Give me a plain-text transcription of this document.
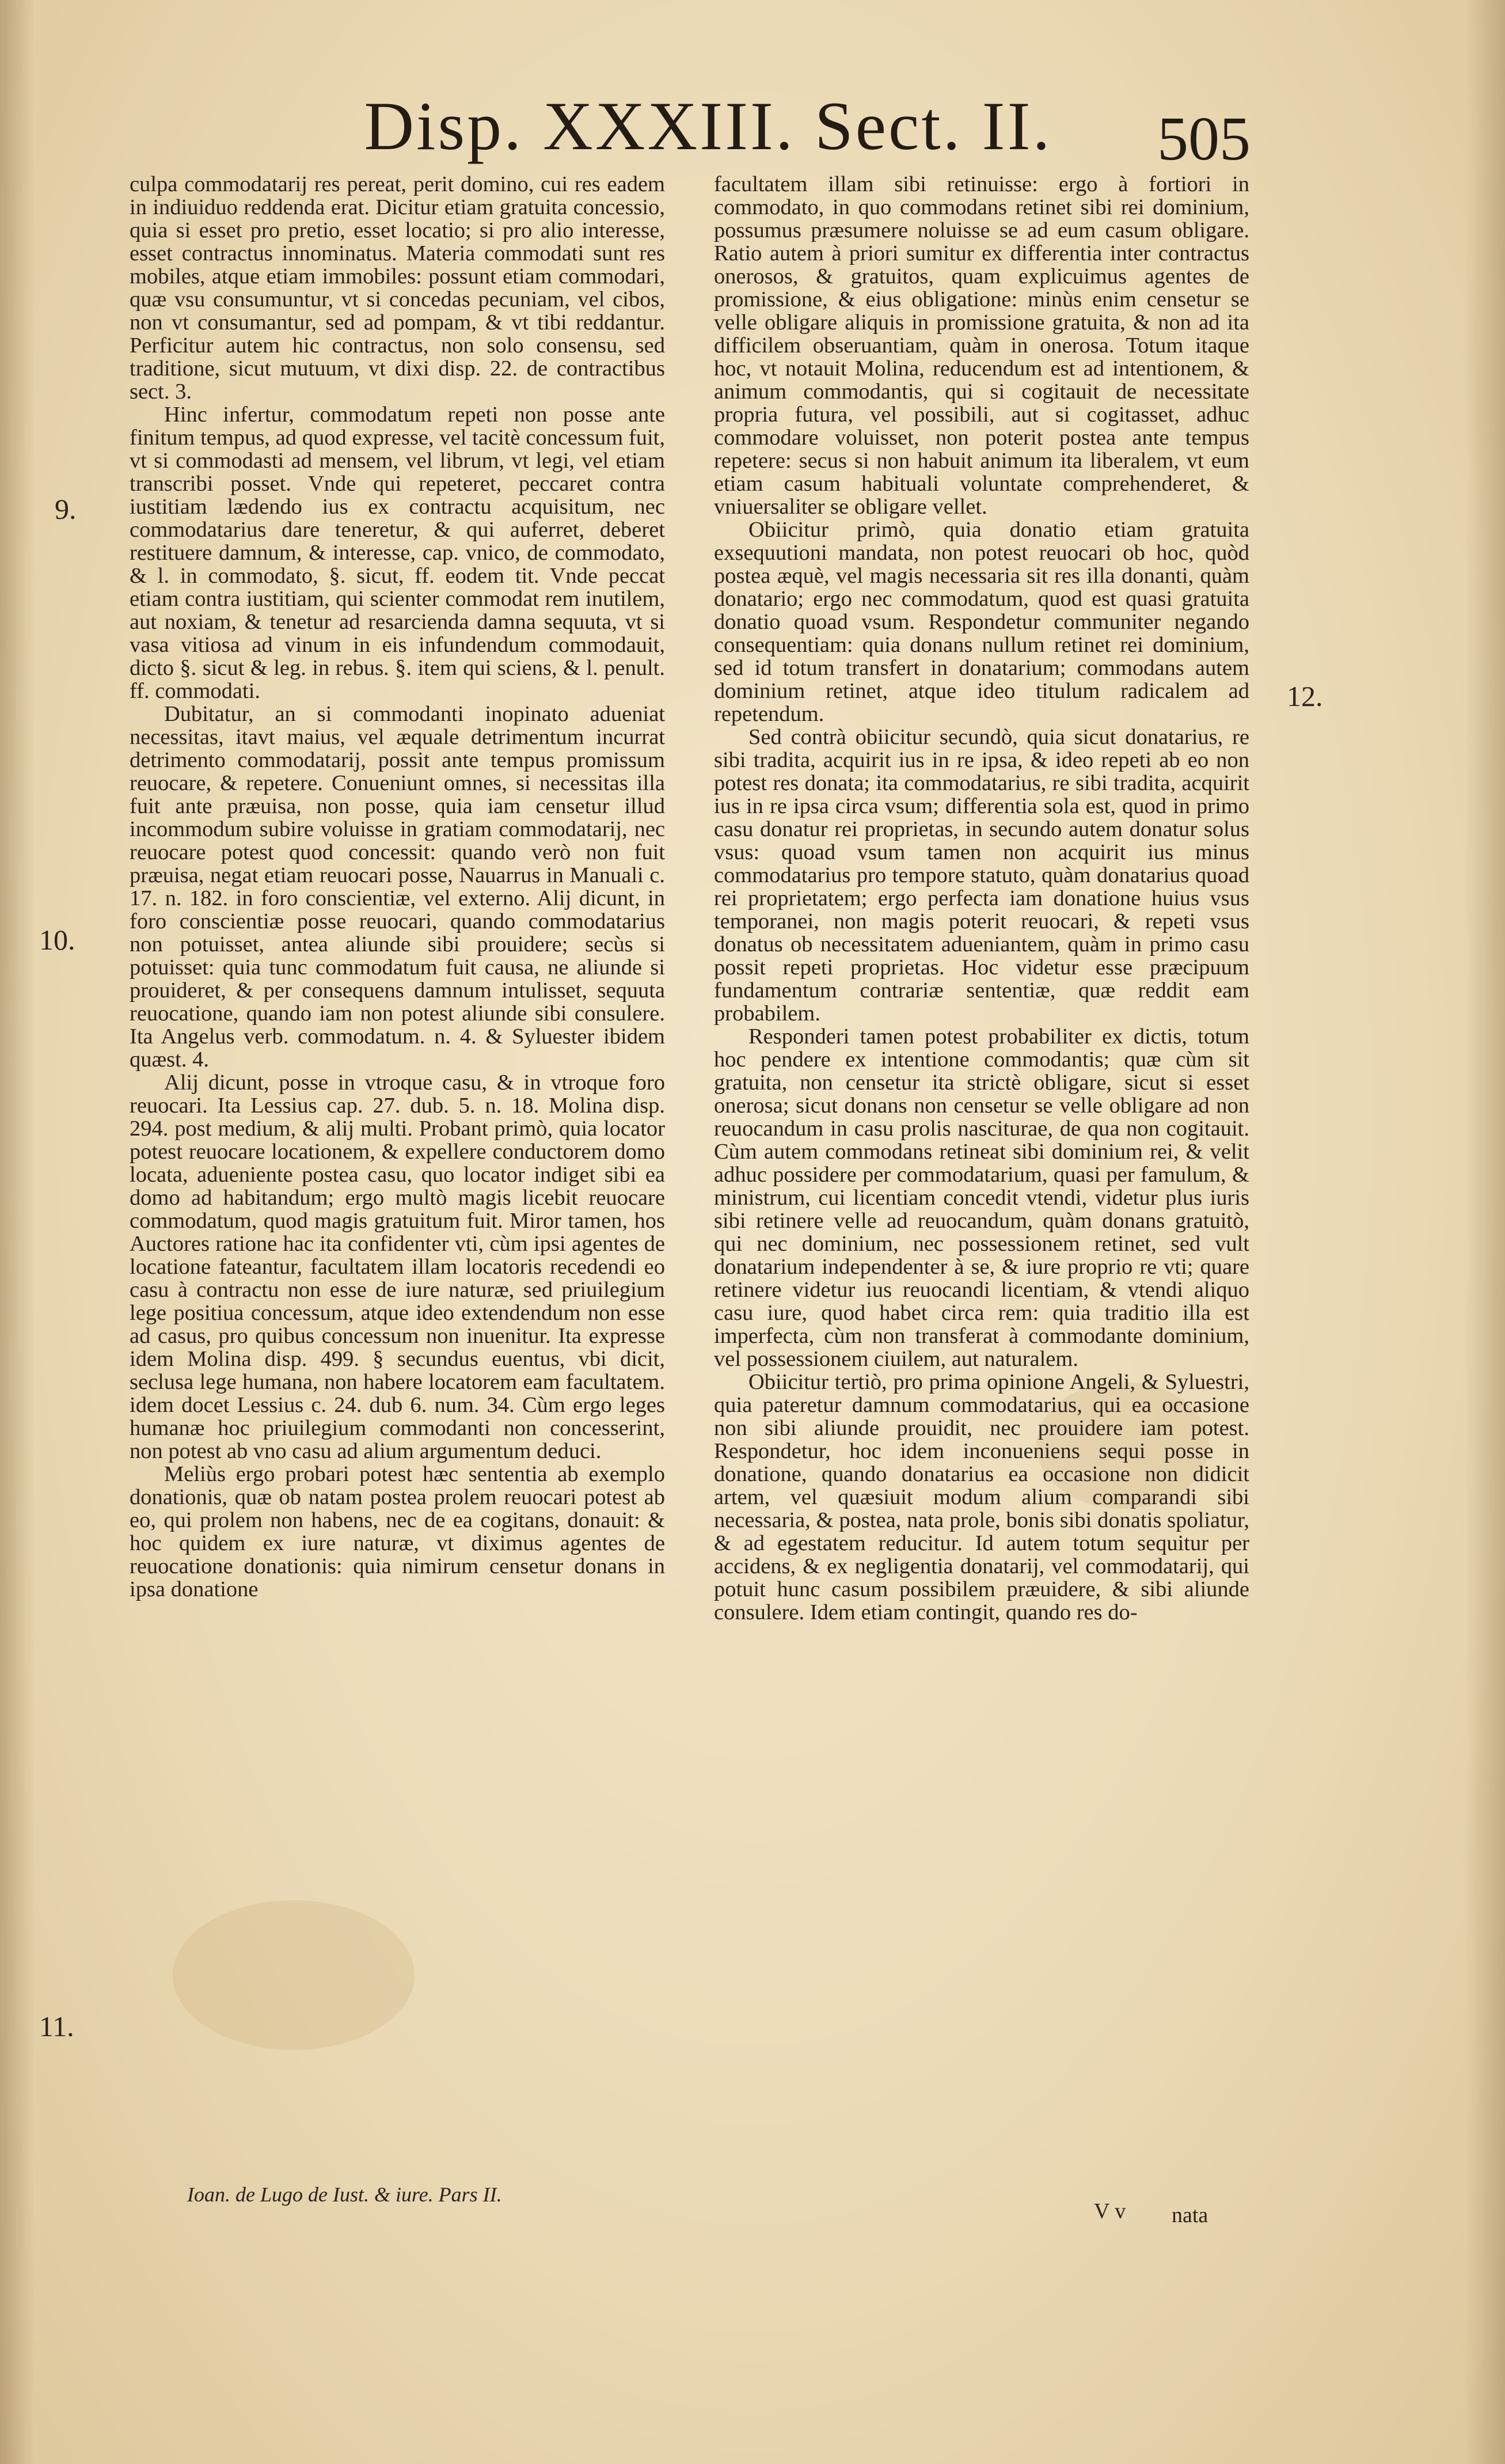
Disp. XXXIII. Sect. II. 505
9.
10.
11.
12.

culpa commodatarij res pereat, perit domino, cui res eadem in indiuiduo reddenda erat. Dicitur etiam gratuita concessio, quia si esset pro pretio, esset locatio; si pro alio interesse, esset contractus innominatus. Materia commodati sunt res mobiles, atque etiam immobiles: possunt etiam commodari, quæ vsu consumuntur, vt si concedas pecuniam, vel cibos, non vt consumantur, sed ad pompam, & vt tibi reddantur. Perficitur autem hic contractus, non solo consensu, sed traditione, sicut mutuum, vt dixi disp. 22. de contractibus sect. 3.

Hinc infertur, commodatum repeti non posse ante finitum tempus, ad quod expresse, vel tacitè concessum fuit, vt si commodasti ad mensem, vel librum, vt legi, vel etiam transcribi posset. Vnde qui repeteret, peccaret contra iustitiam lædendo ius ex contractu acquisitum, nec commodatarius dare teneretur, & qui auferret, deberet restituere damnum, & interesse, cap. vnico, de commodato, & l. in commodato, §. sicut, ff. eodem tit. Vnde peccat etiam contra iustitiam, qui scienter commodat rem inutilem, aut noxiam, & tenetur ad resarcienda damna sequuta, vt si vasa vitiosa ad vinum in eis infundendum commodauit, dicto §. sicut & leg. in rebus. §. item qui sciens, & l. penult. ff. commodati.

Dubitatur, an si commodanti inopinato adueniat necessitas, itavt maius, vel æquale detrimentum incurrat detrimento commodatarij, possit ante tempus promissum reuocare, & repetere. Conueniunt omnes, si necessitas illa fuit ante præuisa, non posse, quia iam censetur illud incommodum subire voluisse in gratiam commodatarij, nec reuocare potest quod concessit: quando verò non fuit præuisa, negat etiam reuocari posse, Nauarrus in Manuali c. 17. n. 182. in foro conscientiæ, vel externo. Alij dicunt, in foro conscientiæ posse reuocari, quando commodatarius non potuisset, antea aliunde sibi prouidere; secùs si potuisset: quia tunc commodatum fuit causa, ne aliunde si prouideret, & per consequens damnum intulisset, sequuta reuocatione, quando iam non potest aliunde sibi consulere. Ita Angelus verb. commodatum. n. 4. & Syluester ibidem quæst. 4.

Alij dicunt, posse in vtroque casu, & in vtroque foro reuocari. Ita Lessius cap. 27. dub. 5. n. 18. Molina disp. 294. post medium, & alij multi. Probant primò, quia locator potest reuocare locationem, & expellere conductorem domo locata, adueniente postea casu, quo locator indiget sibi ea domo ad habitandum; ergo multò magis licebit reuocare commodatum, quod magis gratuitum fuit. Miror tamen, hos Auctores ratione hac ita confidenter vti, cùm ipsi agentes de locatione fateantur, facultatem illam locatoris recedendi eo casu à contractu non esse de iure naturæ, sed priuilegium lege positiua concessum, atque ideo extendendum non esse ad casus, pro quibus concessum non inuenitur. Ita expresse idem Molina disp. 499. § secundus euentus, vbi dicit, seclusa lege humana, non habere locatorem eam facultatem. idem docet Lessius c. 24. dub 6. num. 34. Cùm ergo leges humanæ hoc priuilegium commodanti non concesserint, non potest ab vno casu ad alium argumentum deduci.

Meliùs ergo probari potest hæc sententia ab exemplo donationis, quæ ob natam postea prolem reuocari potest ab eo, qui prolem non habens, nec de ea cogitans, donauit: & hoc quidem ex iure naturæ, vt diximus agentes de reuocatione donationis: quia nimirum censetur donans in ipsa donatione

facultatem illam sibi retinuisse: ergo à fortiori in commodato, in quo commodans retinet sibi rei dominium, possumus præsumere noluisse se ad eum casum obligare. Ratio autem à priori sumitur ex differentia inter contractus onerosos, & gratuitos, quam explicuimus agentes de promissione, & eius obligatione: minùs enim censetur se velle obligare aliquis in promissione gratuita, & non ad ita difficilem obseruantiam, quàm in onerosa. Totum itaque hoc, vt notauit Molina, reducendum est ad intentionem, & animum commodantis, qui si cogitauit de necessitate propria futura, vel possibili, aut si cogitasset, adhuc commodare voluisset, non poterit postea ante tempus repetere: secus si non habuit animum ita liberalem, vt eum etiam casum habituali voluntate comprehenderet, & vniuersaliter se obligare vellet.

Obiicitur primò, quia donatio etiam gratuita exsequutioni mandata, non potest reuocari ob hoc, quòd postea æquè, vel magis necessaria sit res illa donanti, quàm donatario; ergo nec commodatum, quod est quasi gratuita donatio quoad vsum. Respondetur communiter negando consequentiam: quia donans nullum retinet rei dominium, sed id totum transfert in donatarium; commodans autem dominium retinet, atque ideo titulum radicalem ad repetendum.

Sed contrà obiicitur secundò, quia sicut donatarius, re sibi tradita, acquirit ius in re ipsa, & ideo repeti ab eo non potest res donata; ita commodatarius, re sibi tradita, acquirit ius in re ipsa circa vsum; differentia sola est, quod in primo casu donatur rei proprietas, in secundo autem donatur solus vsus: quoad vsum tamen non acquirit ius minus commodatarius pro tempore statuto, quàm donatarius quoad rei proprietatem; ergo perfecta iam donatione huius vsus temporanei, non magis poterit reuocari, & repeti vsus donatus ob necessitatem adueniantem, quàm in primo casu possit repeti proprietas. Hoc videtur esse præcipuum fundamentum contrariæ sententiæ, quæ reddit eam probabilem.

Responderi tamen potest probabiliter ex dictis, totum hoc pendere ex intentione commodantis; quæ cùm sit gratuita, non censetur ita strictè obligare, sicut si esset onerosa; sicut donans non censetur se velle obligare ad non reuocandum in casu prolis nasciturae, de qua non cogitauit. Cùm autem commodans retineat sibi dominium rei, & velit adhuc possidere per commodatarium, quasi per famulum, & ministrum, cui licentiam concedit vtendi, videtur plus iuris sibi retinere velle ad reuocandum, quàm donans gratuitò, qui nec dominium, nec possessionem retinet, sed vult donatarium independenter à se, & iure proprio re vti; quare retinere videtur ius reuocandi licentiam, & vtendi aliquo casu iure, quod habet circa rem: quia traditio illa est imperfecta, cùm non transferat à commodante dominium, vel possessionem ciuilem, aut naturalem.

Obiicitur tertiò, pro prima opinione Angeli, & Syluestri, quia pateretur damnum commodatarius, qui ea occasione non sibi aliunde prouidit, nec prouidere iam potest. Respondetur, hoc idem inconueniens sequi posse in donatione, quando donatarius ea occasione non didicit artem, vel quæsiuit modum alium comparandi sibi necessaria, & postea, nata prole, bonis sibi donatis spoliatur, & ad egestatem reducitur. Id autem totum sequitur per accidens, & ex negligentia donatarij, vel commodatarij, qui potuit hunc casum possibilem præuidere, & sibi aliunde consulere. Idem etiam contingit, quando res do-

Ioan. de Lugo de Iust. & iure. Pars II.
V v nata
